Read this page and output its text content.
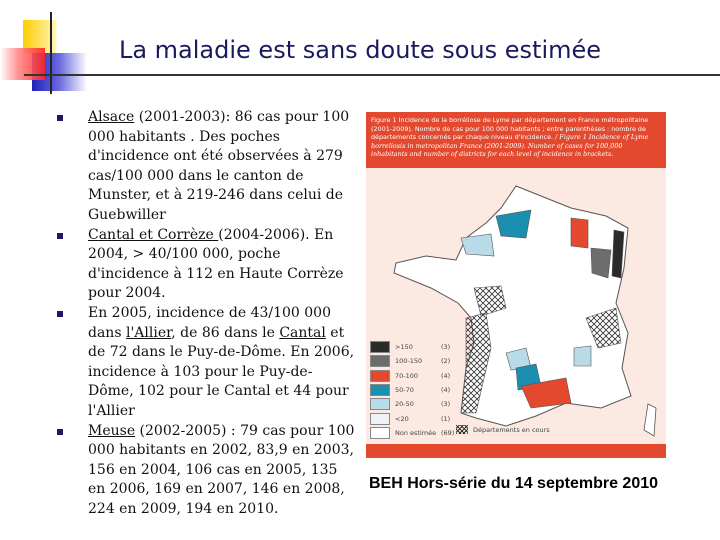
La maladie est sans doute sous estimée
Alsace (2001-2003): 86 cas pour 100 000 habitants . Des poches d'incidence ont été observées à 279 cas/100 000 dans le canton de Munster, et à 219-246 dans celui de Guebwiller
Cantal et Corrèze (2004-2006). En 2004, > 40/100 000, poche d'incidence à 112 en Haute Corrèze pour 2004.
En 2005, incidence de 43/100 000 dans l'Allier, de 86 dans le Cantal et de 72 dans le Puy-de-Dôme. En 2006, incidence à 103 pour le Puy-de-Dôme, 102 pour le Cantal et 44 pour l'Allier
Meuse (2002-2005) : 79 cas pour 100 000 habitants en 2002, 83,9 en 2003, 156 en 2004, 106 cas en 2005, 135 en 2006, 169 en 2007, 146 en 2008, 224 en 2009, 194 en 2010.
Figure 1 Incidence de la borréliose de Lyme par département en France métropolitaine (2001-2009). Nombre de cas pour 100 000 habitants ; entre parenthèses : nombre de départements concernés par chaque niveau d'incidence. / Figure 1 Incidence of Lyme borreliosis in metropolitan France (2001-2009). Number of cases for 100,000 inhabitants and number of districts for each level of incidence in brackets.
>150	(3)
100-150	(2)
70-100	(4)
50-70	(4)
20-50	(3)
<20	(1)
Non estimée (69)	Départements en cours
BEH Hors-série du 14 septembre 2010
